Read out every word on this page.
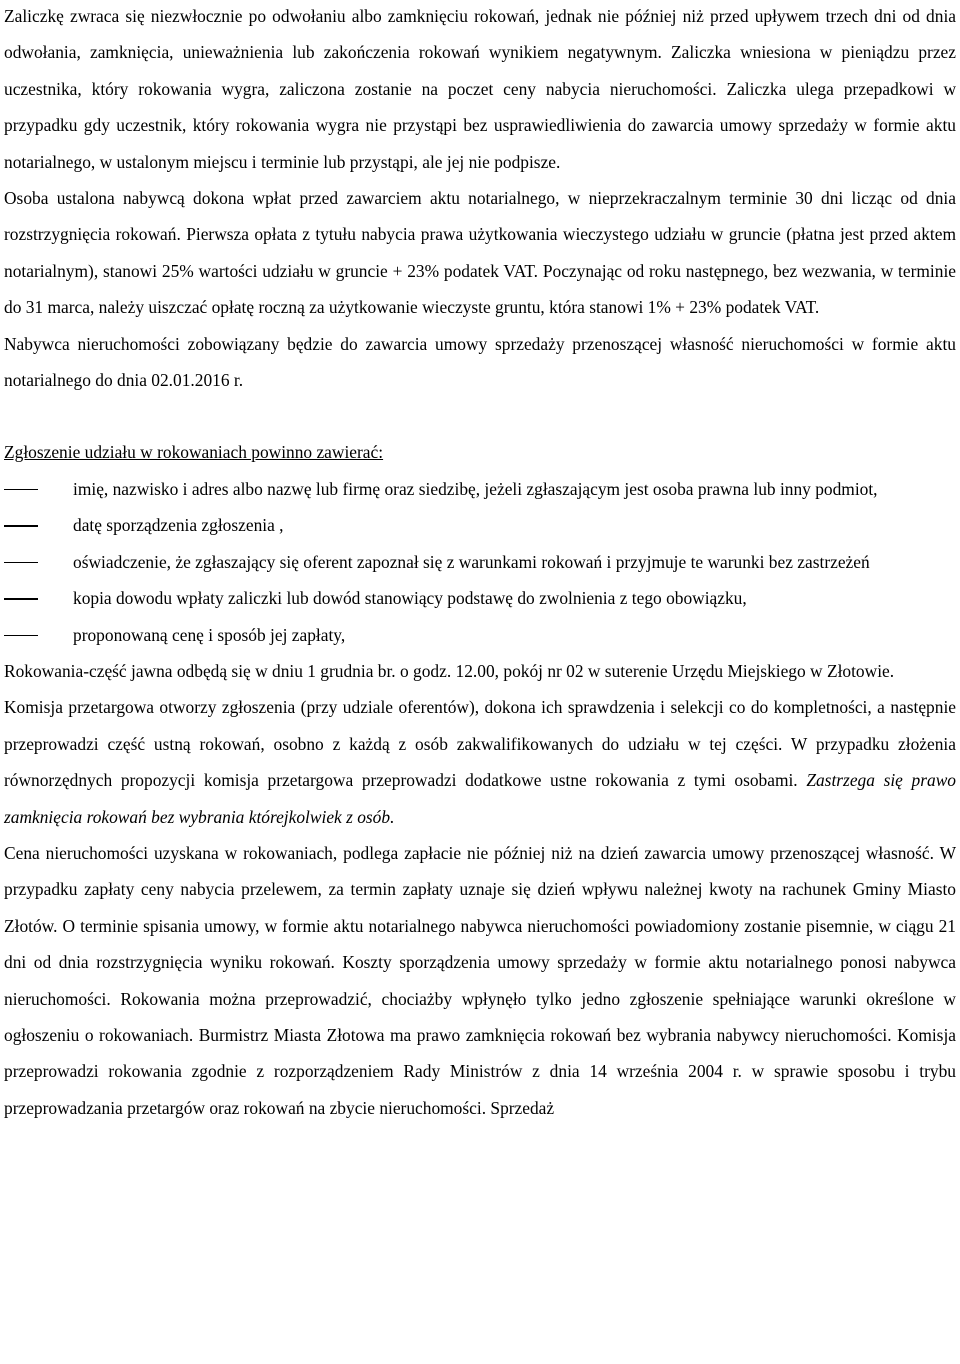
Zaliczkę zwraca się niezwłocznie po odwołaniu albo zamknięciu rokowań, jednak nie później niż przed upływem trzech dni od dnia odwołania, zamknięcia, unieważnienia lub zakończenia rokowań wynikiem negatywnym. Zaliczka wniesiona w pieniądzu przez uczestnika, który rokowania wygra, zaliczona zostanie na poczet ceny nabycia nieruchomości. Zaliczka ulega przepadkowi w przypadku gdy uczestnik, który rokowania wygra nie przystąpi bez usprawiedliwienia do zawarcia umowy sprzedaży w formie aktu notarialnego, w ustalonym miejscu i terminie lub przystąpi, ale jej nie podpisze.

Osoba ustalona nabywcą dokona wpłat przed zawarciem aktu notarialnego, w nieprzekraczalnym terminie 30 dni licząc od dnia rozstrzygnięcia rokowań. Pierwsza opłata z tytułu nabycia prawa użytkowania wieczystego udziału w gruncie (płatna jest przed aktem notarialnym), stanowi 25% wartości udziału w gruncie + 23% podatek VAT. Poczynając od roku następnego, bez wezwania, w terminie do 31 marca, należy uiszczać opłatę roczną za użytkowanie wieczyste gruntu, która stanowi 1% + 23% podatek VAT.

Nabywca nieruchomości zobowiązany będzie do zawarcia umowy sprzedaży przenoszącej własność nieruchomości w formie aktu notarialnego do dnia 02.01.2016 r.

Zgłoszenie udziału w rokowaniach powinno zawierać:
imię, nazwisko i adres albo nazwę lub firmę oraz siedzibę, jeżeli zgłaszającym jest osoba prawna lub inny podmiot,
datę sporządzenia zgłoszenia ,
oświadczenie, że zgłaszający się oferent zapoznał się z warunkami rokowań i przyjmuje te warunki bez zastrzeżeń
kopia dowodu wpłaty zaliczki lub dowód stanowiący podstawę do zwolnienia z tego obowiązku,
proponowaną cenę i sposób jej zapłaty,

Rokowania-część jawna odbędą się w dniu 1 grudnia br. o godz. 12.00, pokój nr 02 w suterenie Urzędu Miejskiego w Złotowie.

Komisja przetargowa otworzy zgłoszenia (przy udziale oferentów), dokona ich sprawdzenia i selekcji co do kompletności, a następnie przeprowadzi część ustną rokowań, osobno z każdą z osób zakwalifikowanych do udziału w tej części. W przypadku złożenia równorzędnych propozycji komisja przetargowa przeprowadzi dodatkowe ustne rokowania z tymi osobami. Zastrzega się prawo zamknięcia rokowań bez wybrania którejkolwiek z osób.

Cena nieruchomości uzyskana w rokowaniach, podlega zapłacie nie później niż na dzień zawarcia umowy przenoszącej własność. W przypadku zapłaty ceny nabycia przelewem, za termin zapłaty uznaje się dzień wpływu należnej kwoty na rachunek Gminy Miasto Złotów. O terminie spisania umowy, w formie aktu notarialnego nabywca nieruchomości powiadomiony zostanie pisemnie, w ciągu 21 dni od dnia rozstrzygnięcia wyniku rokowań. Koszty sporządzenia umowy sprzedaży w formie aktu notarialnego ponosi nabywca nieruchomości. Rokowania można przeprowadzić, chociażby wpłynęło tylko jedno zgłoszenie spełniające warunki określone w ogłoszeniu o rokowaniach. Burmistrz Miasta Złotowa ma prawo zamknięcia rokowań bez wybrania nabywcy nieruchomości. Komisja przeprowadzi rokowania zgodnie z rozporządzeniem Rady Ministrów z dnia 14 września 2004 r. w sprawie sposobu i trybu przeprowadzania przetargów oraz rokowań na zbycie nieruchomości. Sprzedaż
